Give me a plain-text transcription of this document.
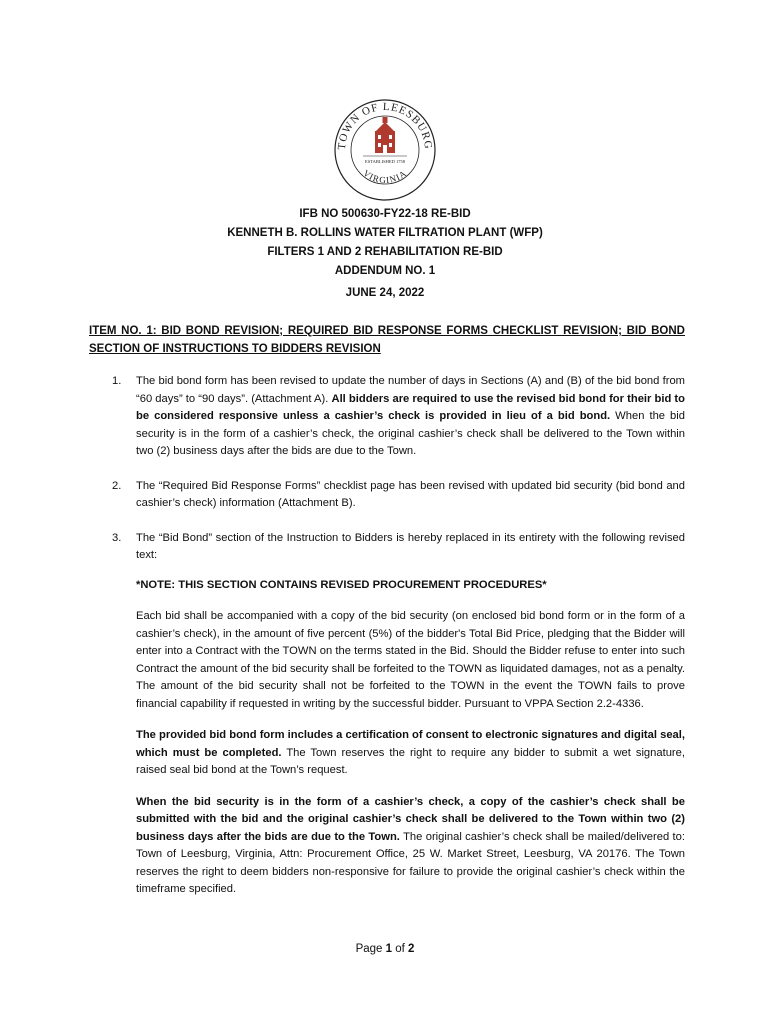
TOWN OF LEESBURG
VIRGINIA
ESTABLISHED 1758
IFB NO 500630-FY22-18 RE-BID
KENNETH B. ROLLINS WATER FILTRATION PLANT (WFP)
FILTERS 1 AND 2 REHABILITATION RE-BID
ADDENDUM NO. 1
JUNE 24, 2022
ITEM NO. 1: BID BOND REVISION; REQUIRED BID RESPONSE FORMS CHECKLIST REVISION; BID BOND SECTION OF INSTRUCTIONS TO BIDDERS REVISION
1. The bid bond form has been revised to update the number of days in Sections (A) and (B) of the bid bond from “60 days” to “90 days”. (Attachment A). All bidders are required to use the revised bid bond for their bid to be considered responsive unless a cashier’s check is provided in lieu of a bid bond. When the bid security is in the form of a cashier’s check, the original cashier’s check shall be delivered to the Town within two (2) business days after the bids are due to the Town.
2. The “Required Bid Response Forms” checklist page has been revised with updated bid security (bid bond and cashier’s check) information (Attachment B).
3. The “Bid Bond” section of the Instruction to Bidders is hereby replaced in its entirety with the following revised text:
*NOTE: THIS SECTION CONTAINS REVISED PROCUREMENT PROCEDURES*
Each bid shall be accompanied with a copy of the bid security (on enclosed bid bond form or in the form of a cashier’s check), in the amount of five percent (5%) of the bidder's Total Bid Price, pledging that the Bidder will enter into a Contract with the TOWN on the terms stated in the Bid. Should the Bidder refuse to enter into such Contract the amount of the bid security shall be forfeited to the TOWN as liquidated damages, not as a penalty. The amount of the bid security shall not be forfeited to the TOWN in the event the TOWN fails to prove financial capability if requested in writing by the successful bidder. Pursuant to VPPA Section 2.2-4336.
The provided bid bond form includes a certification of consent to electronic signatures and digital seal, which must be completed. The Town reserves the right to require any bidder to submit a wet signature, raised seal bid bond at the Town’s request.
When the bid security is in the form of a cashier’s check, a copy of the cashier’s check shall be submitted with the bid and the original cashier’s check shall be delivered to the Town within two (2) business days after the bids are due to the Town. The original cashier’s check shall be mailed/delivered to: Town of Leesburg, Virginia, Attn: Procurement Office, 25 W. Market Street, Leesburg, VA 20176. The Town reserves the right to deem bidders non-responsive for failure to provide the original cashier’s check within the timeframe specified.
Page 1 of 2
